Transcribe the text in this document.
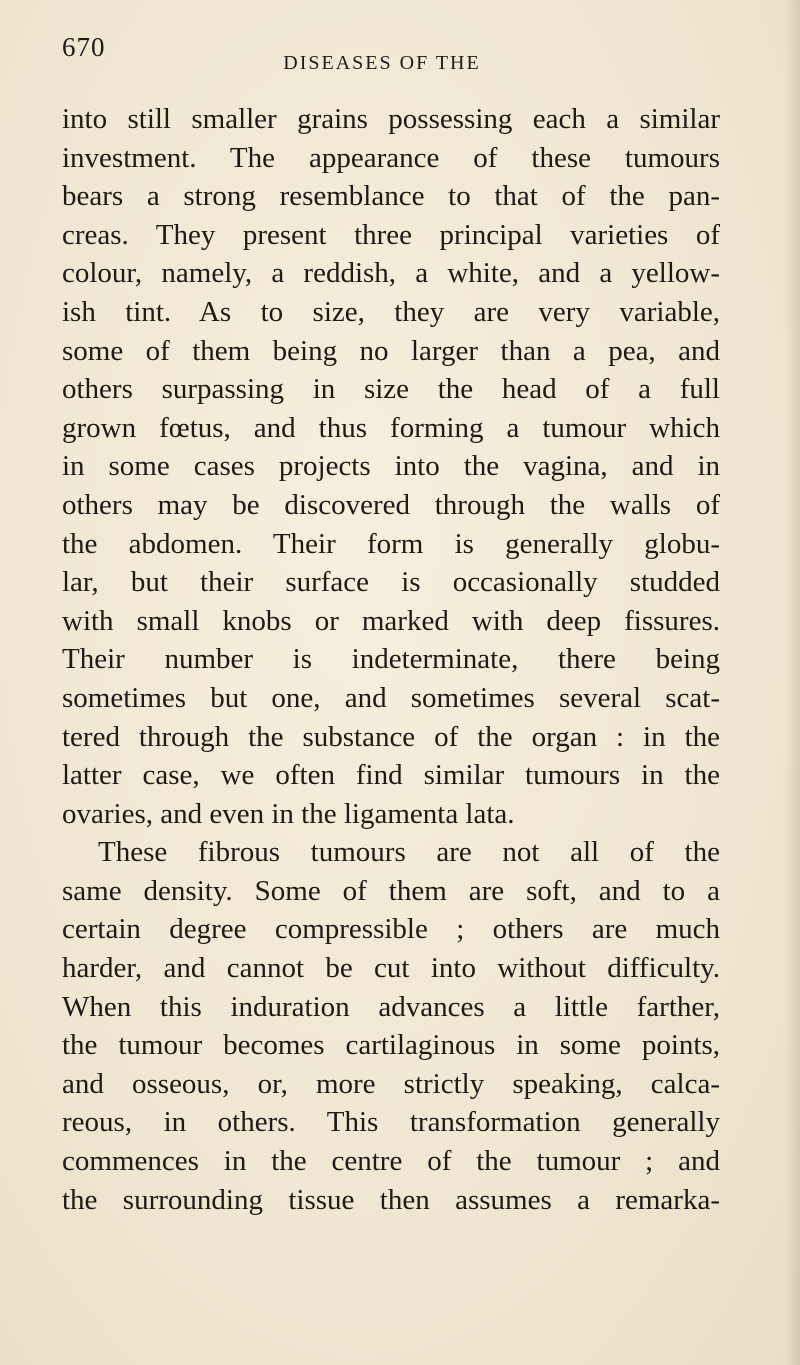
670
DISEASES OF THE
into still smaller grains possessing each a similar
investment. The appearance of these tumours
bears a strong resemblance to that of the pan-
creas. They present three principal varieties of
colour, namely, a reddish, a white, and a yellow-
ish tint. As to size, they are very variable,
some of them being no larger than a pea, and
others surpassing in size the head of a full
grown fœtus, and thus forming a tumour which
in some cases projects into the vagina, and in
others may be discovered through the walls of
the abdomen. Their form is generally globu-
lar, but their surface is occasionally studded
with small knobs or marked with deep fissures.
Their number is indeterminate, there being
sometimes but one, and sometimes several scat-
tered through the substance of the organ : in the
latter case, we often find similar tumours in the
ovaries, and even in the ligamenta lata.
These fibrous tumours are not all of the
same density. Some of them are soft, and to a
certain degree compressible ; others are much
harder, and cannot be cut into without difficulty.
When this induration advances a little farther,
the tumour becomes cartilaginous in some points,
and osseous, or, more strictly speaking, calca-
reous, in others. This transformation generally
commences in the centre of the tumour ; and
the surrounding tissue then assumes a remarka-
